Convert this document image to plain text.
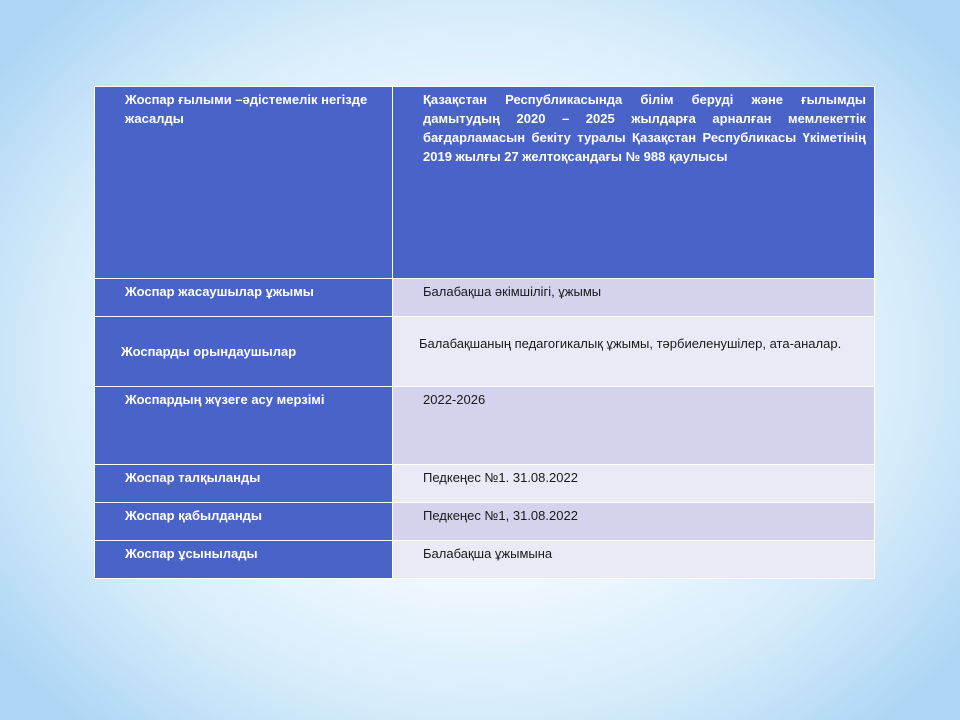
Жоспар ғылыми –әдістемелік негізде жасалды	Қазақстан Республикасында білім беруді және ғылымды дамытудың 2020 – 2025 жылдарға арналған мемлекеттік бағдарламасын бекіту туралы Қазақстан Республикасы Үкіметінің 2019 жылғы 27 желтоқсандағы № 988 қаулысы
Жоспар жасаушылар ұжымы	Балабақша әкімшілігі, ұжымы
Жоспарды орындаушылар	Балабақшаның педагогикалық ұжымы, тәрбиеленушілер, ата-аналар.
Жоспардың жүзеге асу мерзімі	2022-2026
Жоспар талқыланды	Педкеңес №1. 31.08.2022
Жоспар қабылданды	Педкеңес №1, 31.08.2022
Жоспар ұсынылады	Балабақша ұжымына
